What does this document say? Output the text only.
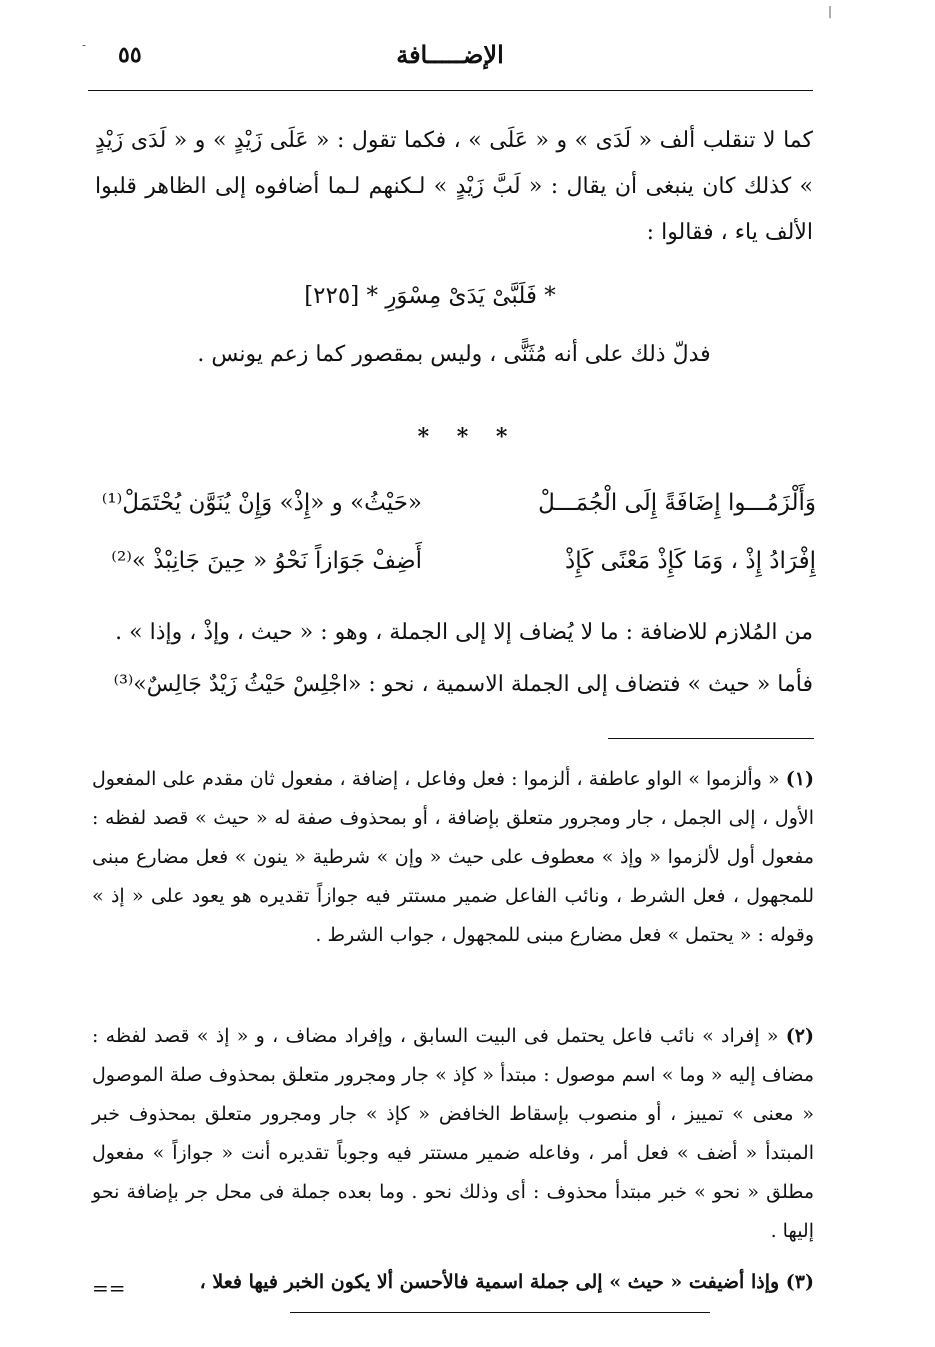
-
|
٥٥	الإضـــــافة
كما لا تنقلب ألف « لَدَى » و « عَلَى » ، فكما تقول : « عَلَى زَيْدٍ » و « لَدَى زَيْدٍ » كذلك كان ينبغى أن يقال : « لَبَّ زَيْدٍ » لـكنهم لـما أضافوه إلى الظاهر قلبوا الألف ياء ، فقالوا :
* فَلَبَّىْ يَدَىْ مِسْوَرِ * [٢٢٥]
فدلّ ذلك على أنه مُثَنًّى ، وليس بمقصور كما زعم يونس .
* * *
وَأَلْزَمُـــوا إِضَافَةً إِلَى الْجُمَـــلْ
«حَيْثُ» و «إِذْ» وَإِنْ يُنَوَّن يُحْتَمَلْ⁽¹⁾
إِفْرَادُ إِذْ ، وَمَا كَإِذْ مَعْنًى كَإِذْ
أَضِفْ جَوَازاً نَحْوُ « حِينَ جَانِبْذْ »⁽²⁾
من المُلازم للاضافة : ما لا يُضاف إلا إلى الجملة ، وهو : « حيث ، وإذْ ، وإذا » .
فأما « حيث » فتضاف إلى الجملة الاسمية ، نحو : «اجْلِسْ حَيْثُ زَيْدٌ جَالِسٌ»⁽³⁾
(١) « وألزموا » الواو عاطفة ، ألزموا : فعل وفاعل ، إضافة ، مفعول ثان مقدم على المفعول الأول ، إلى الجمل ، جار ومجرور متعلق بإضافة ، أو بمحذوف صفة له « حيث » قصد لفظه : مفعول أول لألزموا « وإذ » معطوف على حيث « وإن » شرطية « ينون » فعل مضارع مبنى للمجهول ، فعل الشرط ، ونائب الفاعل ضمير مستتر فيه جوازاً تقديره هو يعود على « إذ » وقوله : « يحتمل » فعل مضارع مبنى للمجهول ، جواب الشرط .
(٢) « إفراد » نائب فاعل يحتمل فى البيت السابق ، وإفراد مضاف ، و « إذ » قصد لفظه : مضاف إليه « وما » اسم موصول : مبتدأ « كإذ » جار ومجرور متعلق بمحذوف صلة الموصول « معنى » تمييز ، أو منصوب بإسقاط الخافض « كإذ » جار ومجرور متعلق بمحذوف خبر المبتدأ « أضف » فعل أمر ، وفاعله ضمير مستتر فيه وجوباً تقديره أنت « جوازاً » مفعول مطلق « نحو » خبر مبتدأ محذوف : أى وذلك نحو . وما بعده جملة فى محل جر بإضافة نحو إليها .
(٣) وإذا أضيفت « حيث » إلى جملة اسمية فالأحسن ألا يكون الخبر فيها فعلا ،
==
